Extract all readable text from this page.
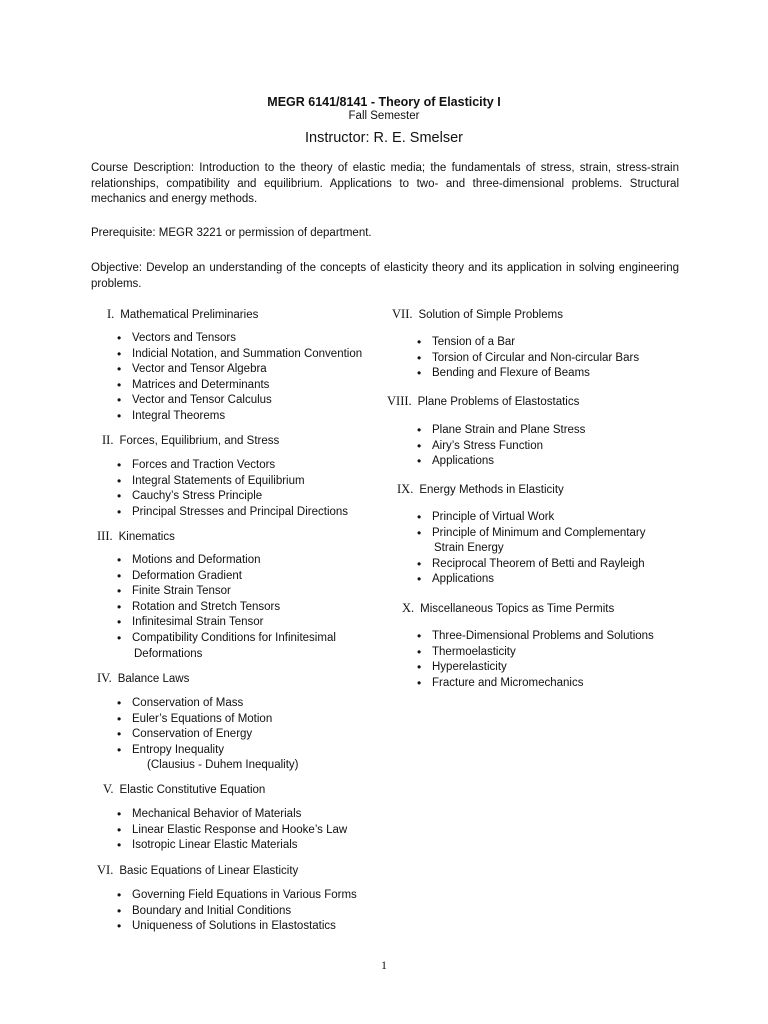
MEGR 6141/8141 - Theory of Elasticity I
Fall Semester
Instructor: R. E. Smelser
Course Description: Introduction to the theory of elastic media; the fundamentals of stress, strain, stress-strain relationships, compatibility and equilibrium. Applications to two- and three-dimensional problems. Structural mechanics and energy methods.
Prerequisite: MEGR 3221 or permission of department.
Objective: Develop an understanding of the concepts of elasticity theory and its application in solving engineering problems.
I. Mathematical Preliminaries
• Vectors and Tensors
• Indicial Notation, and Summation Convention
• Vector and Tensor Algebra
• Matrices and Determinants
• Vector and Tensor Calculus
• Integral Theorems
II. Forces, Equilibrium, and Stress
• Forces and Traction Vectors
• Integral Statements of Equilibrium
• Cauchy’s Stress Principle
• Principal Stresses and Principal Directions
III. Kinematics
• Motions and Deformation
• Deformation Gradient
• Finite Strain Tensor
• Rotation and Stretch Tensors
• Infinitesimal Strain Tensor
• Compatibility Conditions for Infinitesimal
Deformations
IV. Balance Laws
• Conservation of Mass
• Euler’s Equations of Motion
• Conservation of Energy
• Entropy Inequality
(Clausius - Duhem Inequality)
V. Elastic Constitutive Equation
• Mechanical Behavior of Materials
• Linear Elastic Response and Hooke’s Law
• Isotropic Linear Elastic Materials
VI. Basic Equations of Linear Elasticity
• Governing Field Equations in Various Forms
• Boundary and Initial Conditions
• Uniqueness of Solutions in Elastostatics
VII. Solution of Simple Problems
• Tension of a Bar
• Torsion of Circular and Non-circular Bars
• Bending and Flexure of Beams
VIII. Plane Problems of Elastostatics
• Plane Strain and Plane Stress
• Airy’s Stress Function
• Applications
IX. Energy Methods in Elasticity
• Principle of Virtual Work
• Principle of Minimum and Complementary
Strain Energy
• Reciprocal Theorem of Betti and Rayleigh
• Applications
X. Miscellaneous Topics as Time Permits
• Three-Dimensional Problems and Solutions
• Thermoelasticity
• Hyperelasticity
• Fracture and Micromechanics
1
